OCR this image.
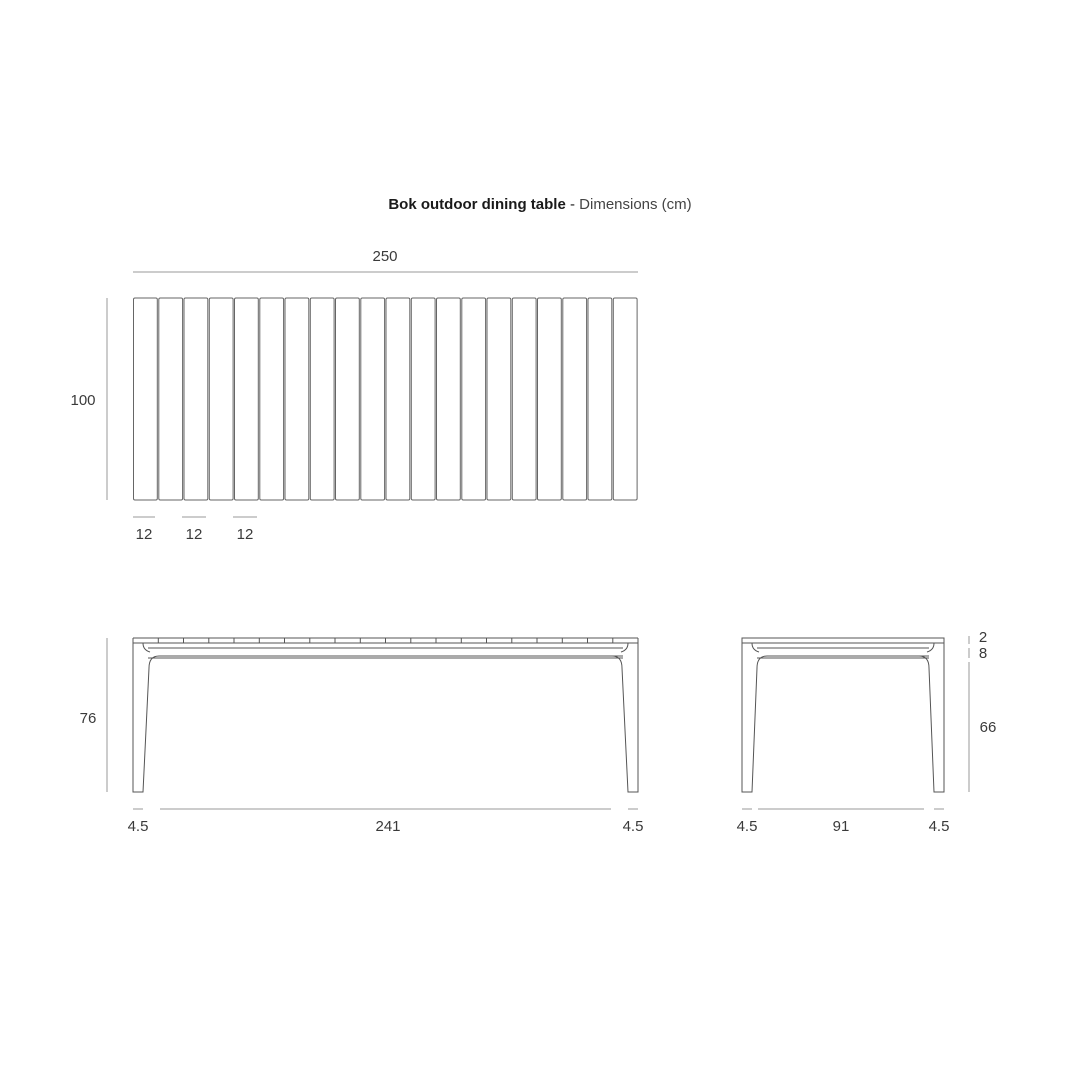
Bok outdoor dining table - Dimensions (cm)
250
100
12 12 12
76
4.5	241	4.5
2
8
66
4.5	91	4.5
